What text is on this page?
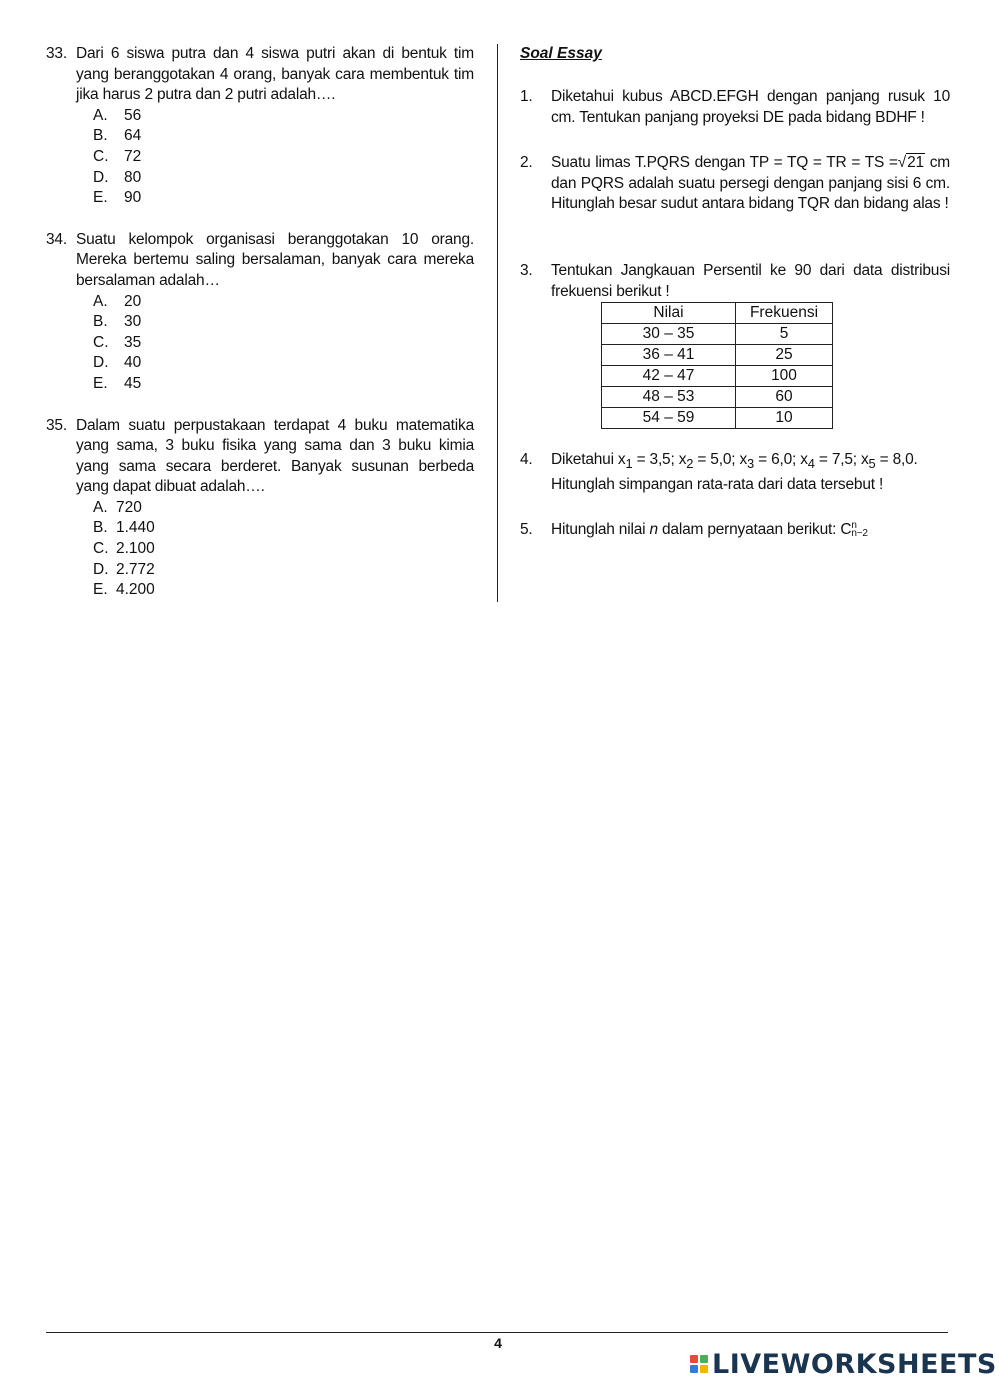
33. Dari 6 siswa putra dan 4 siswa putri akan di bentuk tim yang beranggotakan 4 orang, banyak cara membentuk tim jika harus 2 putra dan 2 putri adalah….
A. 56
B. 64
C. 72
D. 80
E. 90
34. Suatu kelompok organisasi beranggotakan 10 orang. Mereka bertemu saling bersalaman, banyak cara mereka bersalaman adalah…
A. 20
B. 30
C. 35
D. 40
E. 45
35. Dalam suatu perpustakaan terdapat 4 buku matematika yang sama, 3 buku fisika yang sama dan 3 buku kimia yang sama secara berderet. Banyak susunan berbeda yang dapat dibuat adalah….
A. 720
B. 1.440
C. 2.100
D. 2.772
E. 4.200
Soal Essay
1. Diketahui kubus ABCD.EFGH dengan panjang rusuk 10 cm. Tentukan panjang proyeksi DE pada bidang BDHF !
2. Suatu limas T.PQRS dengan TP = TQ = TR = TS =√21 cm dan PQRS adalah suatu persegi dengan panjang sisi 6 cm. Hitunglah besar sudut antara bidang TQR dan bidang alas !
3. Tentukan Jangkauan Persentil ke 90 dari data distribusi frekuensi berikut !
Nilai	Frekuensi
30 – 35	5
36 – 41	25
42 – 47	100
48 – 53	60
54 – 59	10
4. Diketahui $x_1 = 3,5$; $x_2 = 5,0$; $x_3 = 6,0$; $x_4 = 7,5$; $x_5 = 8,0$.
Hitunglah simpangan rata-rata dari data tersebut !
5. Hitunglah nilai n dalam pernyataan berikut: C n
n−2
4
LIVEWORKSHEETS
